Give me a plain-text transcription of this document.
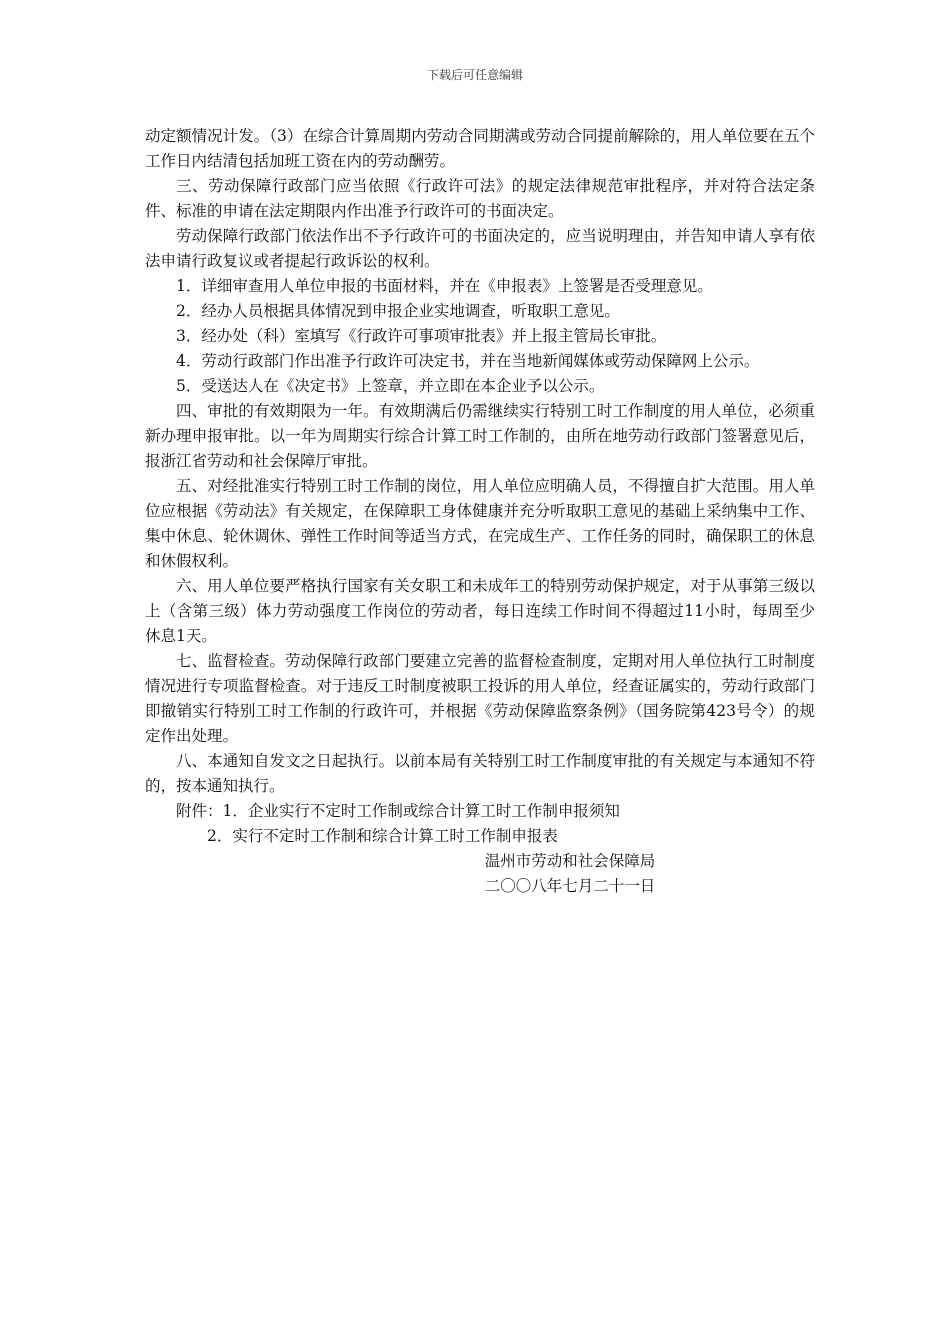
下载后可任意编辑

动定额情况计发。（3）在综合计算周期内劳动合同期满或劳动合同提前解除的，用人单位要在五个工作日内结清包括加班工资在内的劳动酬劳。

三、劳动保障行政部门应当依照《行政许可法》的规定法律规范审批程序，并对符合法定条件、标准的申请在法定期限内作出准予行政许可的书面决定。

劳动保障行政部门依法作出不予行政许可的书面决定的，应当说明理由，并告知申请人享有依法申请行政复议或者提起行政诉讼的权利。

1．详细审查用人单位申报的书面材料，并在《申报表》上签署是否受理意见。

2．经办人员根据具体情况到申报企业实地调查，听取职工意见。

3．经办处（科）室填写《行政许可事项审批表》并上报主管局长审批。

4．劳动行政部门作出准予行政许可决定书，并在当地新闻媒体或劳动保障网上公示。

5．受送达人在《决定书》上签章，并立即在本企业予以公示。

四、审批的有效期限为一年。有效期满后仍需继续实行特别工时工作制度的用人单位，必须重新办理申报审批。以一年为周期实行综合计算工时工作制的，由所在地劳动行政部门签署意见后，报浙江省劳动和社会保障厅审批。

五、对经批准实行特别工时工作制的岗位，用人单位应明确人员，不得擅自扩大范围。用人单位应根据《劳动法》有关规定，在保障职工身体健康并充分听取职工意见的基础上采纳集中工作、集中休息、轮休调休、弹性工作时间等适当方式，在完成生产、工作任务的同时，确保职工的休息和休假权利。

六、用人单位要严格执行国家有关女职工和未成年工的特别劳动保护规定，对于从事第三级以上（含第三级）体力劳动强度工作岗位的劳动者，每日连续工作时间不得超过11小时，每周至少休息1天。

七、监督检查。劳动保障行政部门要建立完善的监督检查制度，定期对用人单位执行工时制度情况进行专项监督检查。对于违反工时制度被职工投诉的用人单位，经查证属实的，劳动行政部门即撤销实行特别工时工作制的行政许可，并根据《劳动保障监察条例》（国务院第423号令）的规定作出处理。

八、本通知自发文之日起执行。以前本局有关特别工时工作制度审批的有关规定与本通知不符的，按本通知执行。

附件：1．企业实行不定时工作制或综合计算工时工作制申报须知

2．实行不定时工作制和综合计算工时工作制申报表

温州市劳动和社会保障局

二〇〇八年七月二十一日
